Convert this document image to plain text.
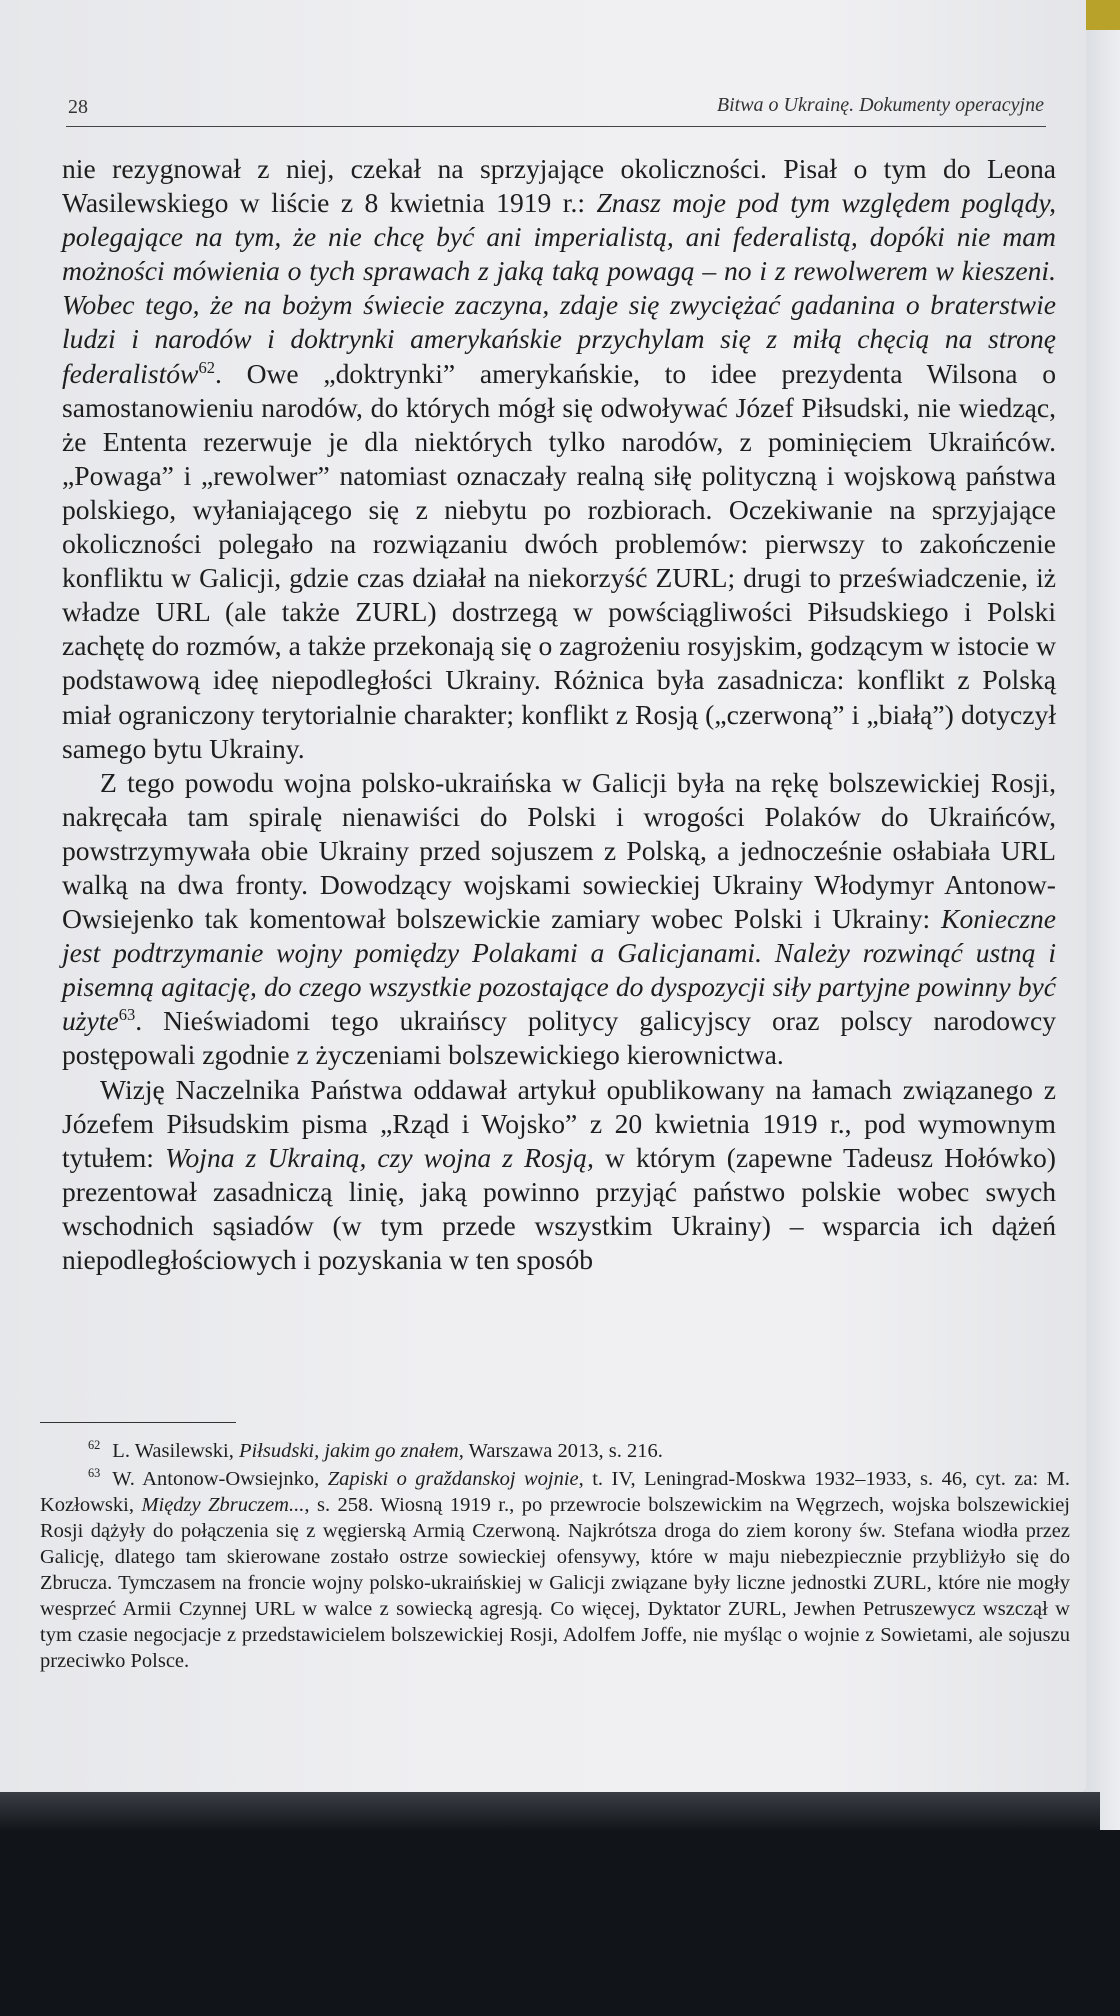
28	Bitwa o Ukrainę. Dokumenty operacyjne

nie rezygnował z niej, czekał na sprzyjające okoliczności. Pisał o tym do Leona Wasilewskiego w liście z 8 kwietnia 1919 r.: Znasz moje pod tym względem poglądy, polegające na tym, że nie chcę być ani imperialistą, ani federalistą, dopóki nie mam możności mówienia o tych sprawach z jaką taką powagą – no i z rewolwerem w kieszeni. Wobec tego, że na bożym świecie zaczyna, zdaje się zwyciężać gadanina o braterstwie ludzi i narodów i doktrynki amerykańskie przychylam się z miłą chęcią na stronę federalistów$^{62}$. Owe „doktrynki” amerykańskie, to idee prezydenta Wilsona o samostanowieniu narodów, do których mógł się odwoływać Józef Piłsudski, nie wiedząc, że Ententa rezerwuje je dla niektórych tylko narodów, z pominięciem Ukraińców. „Powaga” i „rewolwer” natomiast oznaczały realną siłę polityczną i wojskową państwa polskiego, wyłaniającego się z niebytu po rozbiorach. Oczekiwanie na sprzyjające okoliczności polegało na rozwiązaniu dwóch problemów: pierwszy to zakończenie konfliktu w Galicji, gdzie czas działał na niekorzyść ZURL; drugi to przeświadczenie, iż władze URL (ale także ZURL) dostrzegą w powściągliwości Piłsudskiego i Polski zachętę do rozmów, a także przekonają się o zagrożeniu rosyjskim, godzącym w istocie w podstawową ideę niepodległości Ukrainy. Różnica była zasadnicza: konflikt z Polską miał ograniczony terytorialnie charakter; konflikt z Rosją („czerwoną” i „białą”) dotyczył samego bytu Ukrainy.

Z tego powodu wojna polsko-ukraińska w Galicji była na rękę bolszewickiej Rosji, nakręcała tam spiralę nienawiści do Polski i wrogości Polaków do Ukraińców, powstrzymywała obie Ukrainy przed sojuszem z Polską, a jednocześnie osłabiała URL walką na dwa fronty. Dowodzący wojskami sowieckiej Ukrainy Włodymyr Antonow-Owsiejenko tak komentował bolszewickie zamiary wobec Polski i Ukrainy: Konieczne jest podtrzymanie wojny pomiędzy Polakami a Galicjanami. Należy rozwinąć ustną i pisemną agitację, do czego wszystkie pozostające do dyspozycji siły partyjne powinny być użyte$^{63}$. Nieświadomi tego ukraińscy politycy galicyjscy oraz polscy narodowcy postępowali zgodnie z życzeniami bolszewickiego kierownictwa.

Wizję Naczelnika Państwa oddawał artykuł opublikowany na łamach związanego z Józefem Piłsudskim pisma „Rząd i Wojsko” z 20 kwietnia 1919 r., pod wymownym tytułem: Wojna z Ukrainą, czy wojna z Rosją, w którym (zapewne Tadeusz Hołówko) prezentował zasadniczą linię, jaką powinno przyjąć państwo polskie wobec swych wschodnich sąsiadów (w tym przede wszystkim Ukrainy) – wsparcia ich dążeń niepodległościowych i pozyskania w ten sposób

$^{62}$ L. Wasilewski, Piłsudski, jakim go znałem, Warszawa 2013, s. 216.

$^{63}$ W. Antonow-Owsiejnko, Zapiski o graždanskoj wojnie, t. IV, Leningrad-Moskwa 1932–1933, s. 46, cyt. za: M. Kozłowski, Między Zbruczem..., s. 258. Wiosną 1919 r., po przewrocie bolszewickim na Węgrzech, wojska bolszewickiej Rosji dążyły do połączenia się z węgierską Armią Czerwoną. Najkrótsza droga do ziem korony św. Stefana wiodła przez Galicję, dlatego tam skierowane zostało ostrze sowieckiej ofensywy, które w maju niebezpiecznie przybliżyło się do Zbrucza. Tymczasem na froncie wojny polsko-ukraińskiej w Galicji związane były liczne jednostki ZURL, które nie mogły wesprzeć Armii Czynnej URL w walce z sowiecką agresją. Co więcej, Dyktator ZURL, Jewhen Petruszewycz wszczął w tym czasie negocjacje z przedstawicielem bolszewickiej Rosji, Adolfem Joffe, nie myśląc o wojnie z Sowietami, ale sojuszu przeciwko Polsce.
